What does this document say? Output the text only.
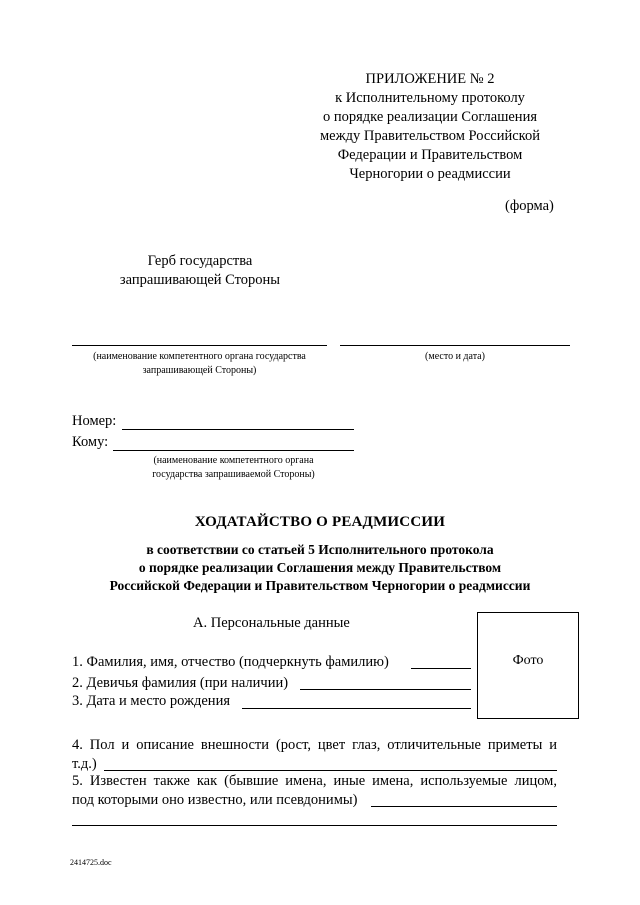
ПРИЛОЖЕНИЕ № 2
к Исполнительному протоколу
о порядке реализации Соглашения
между Правительством Российской
Федерации и Правительством
Черногории о реадмиссии
(форма)
Герб государства
запрашивающей Стороны
(наименование компетентного органа государства
запрашивающей Стороны)
(место и дата)
Номер:
Кому:
(наименование компетентного органа
государства запрашиваемой Стороны)
ХОДАТАЙСТВО О РЕАДМИССИИ
в соответствии со статьей 5 Исполнительного протокола
о порядке реализации Соглашения между Правительством
Российской Федерации и Правительством Черногории о реадмиссии
А. Персональные данные
Фото
1. Фамилия, имя, отчество (подчеркнуть фамилию)
2. Девичья фамилия (при наличии)
3. Дата и место рождения
4. Пол и описание внешности (рост, цвет глаз, отличительные приметы и
т.д.)
5. Известен также как (бывшие имена, иные имена, используемые лицом,
под которыми оно известно, или псевдонимы)
2414725.doc
